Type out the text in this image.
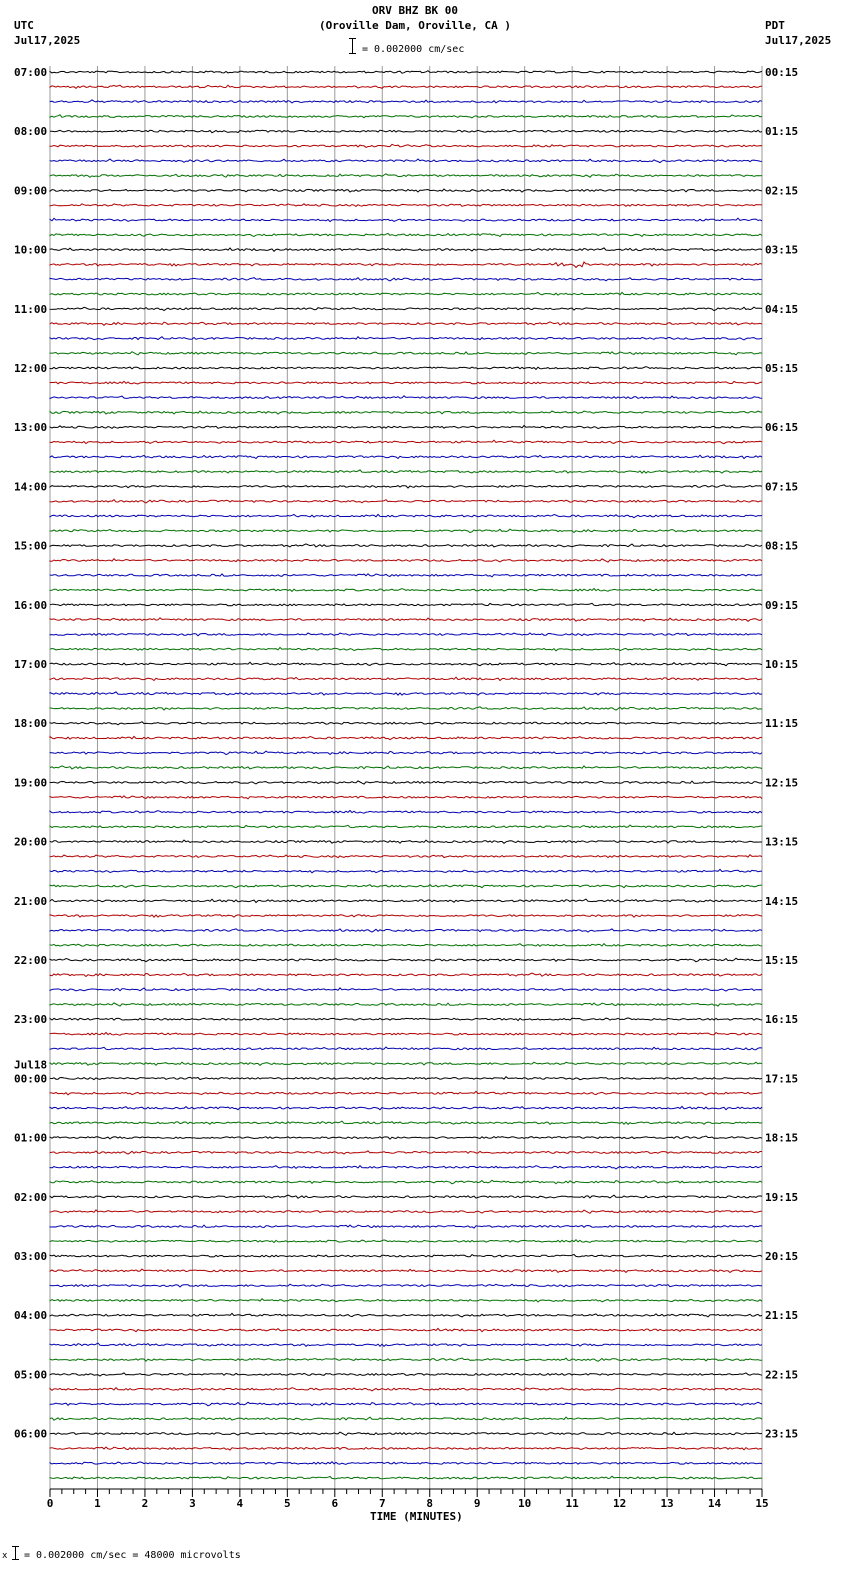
ORV BHZ BK 00
(Oroville Dam, Oroville, CA )
UTC
Jul17,2025
PDT
Jul17,2025
= 0.002000 cm/sec
07:00	00:15
08:00	01:15
09:00	02:15
10:00	03:15
11:00	04:15
12:00	05:15
13:00	06:15
14:00	07:15
15:00	08:15
16:00	09:15
17:00	10:15
18:00	11:15
19:00	12:15
20:00	13:15
21:00	14:15
22:00	15:15
23:00	16:15
00:00	17:15
01:00	18:15
02:00	19:15
03:00	20:15
04:00	21:15
05:00	22:15
06:00	23:15
Jul18
0	1	2	3	4	5	6	7	8	9	10	11	12	13	14	15
TIME (MINUTES)
x = 0.002000 cm/sec = 48000 microvolts
